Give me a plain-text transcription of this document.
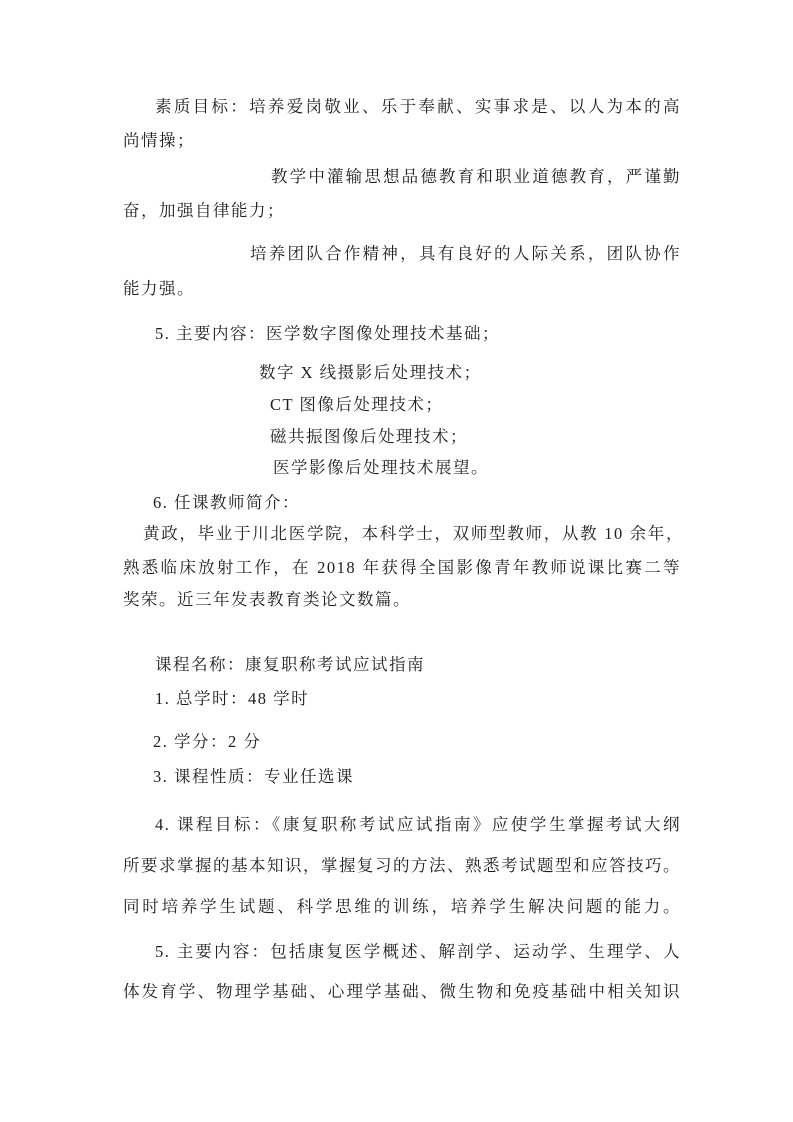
素质目标：培养爱岗敬业、乐于奉献、实事求是、以人为本的高
尚情操；
教学中灌输思想品德教育和职业道德教育，严谨勤
奋，加强自律能力；
培养团队合作精神，具有良好的人际关系，团队协作
能力强。
5. 主要内容：医学数字图像处理技术基础；
数字 X 线摄影后处理技术；
CT 图像后处理技术；
磁共振图像后处理技术；
医学影像后处理技术展望。
6. 任课教师简介：
黄政，毕业于川北医学院，本科学士，双师型教师，从教 10 余年，
熟悉临床放射工作，在 2018 年获得全国影像青年教师说课比赛二等
奖荣。近三年发表教育类论文数篇。
课程名称：康复职称考试应试指南
1. 总学时：48 学时
2. 学分：2 分
3. 课程性质：专业任选课
4. 课程目标：《康复职称考试应试指南》应使学生掌握考试大纲
所要求掌握的基本知识，掌握复习的方法、熟悉考试题型和应答技巧。
同时培养学生试题、科学思维的训练，培养学生解决问题的能力。
5. 主要内容：包括康复医学概述、解剖学、运动学、生理学、人
体发育学、物理学基础、心理学基础、微生物和免疫基础中相关知识
